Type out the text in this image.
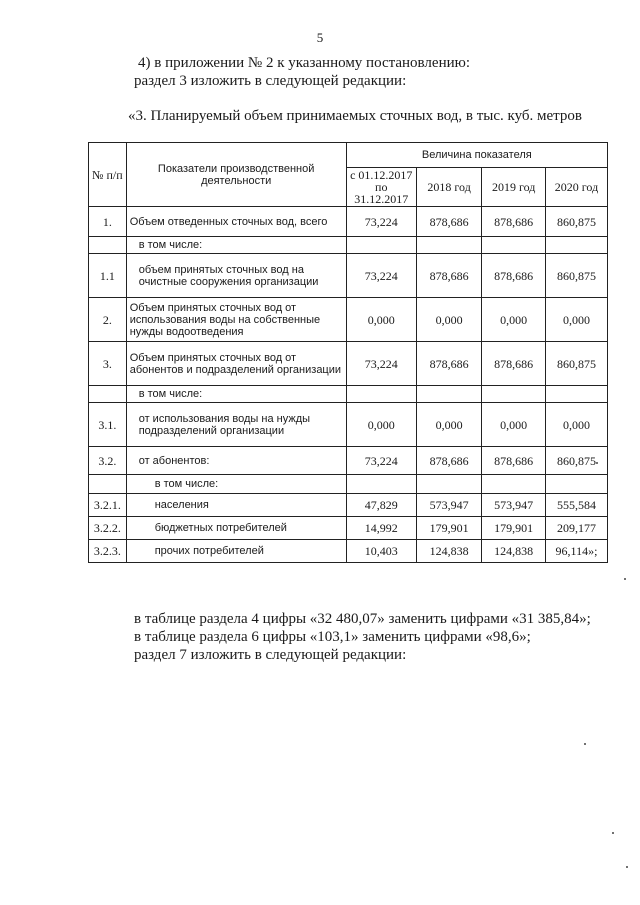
5
4) в приложении № 2 к указанному постановлению:
раздел 3 изложить в следующей редакции:
«3. Планируемый объем принимаемых сточных вод, в тыс. куб. метров
№ п/п	Показатели производственной деятельности	Величина показателя			
		с 01.12.2017 по 31.12.2017	2018 год	2019 год	2020 год
1.	Объем отведенных сточных вод, всего	73,224	878,686	878,686	860,875
	в том числе:				
1.1	объем принятых сточных вод на очистные сооружения организации	73,224	878,686	878,686	860,875
2.	Объем принятых сточных вод от использования воды на собственные нужды водоотведения	0,000	0,000	0,000	0,000
3.	Объем принятых сточных вод от абонентов и подразделений организации	73,224	878,686	878,686	860,875
	в том числе:				
3.1.	от использования воды на нужды подразделений организации	0,000	0,000	0,000	0,000
3.2.	от абонентов:	73,224	878,686	878,686	860,875
	в том числе:				
3.2.1.	населения	47,829	573,947	573,947	555,584
3.2.2.	бюджетных потребителей	14,992	179,901	179,901	209,177
3.2.3.	прочих потребителей	10,403	124,838	124,838	96,114»;
в таблице раздела 4 цифры «32 480,07» заменить цифрами «31 385,84»;
в таблице раздела 6 цифры «103,1» заменить цифрами «98,6»;
раздел 7 изложить в следующей редакции:
